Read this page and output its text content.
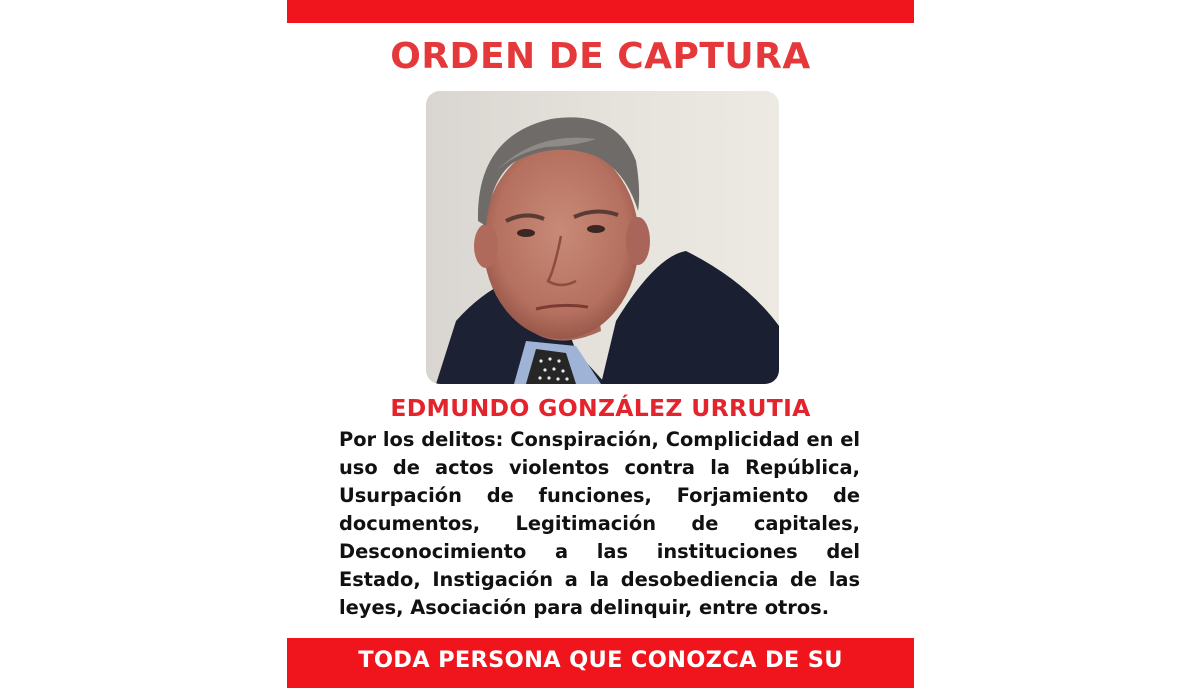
ORDEN DE CAPTURA
EDMUNDO GONZÁLEZ URRUTIA
Por los delitos: Conspiración, Complicidad en el uso de actos violentos contra la República, Usurpación de funciones, Forjamiento de documentos, Legitimación de capitales, Desconocimiento a las instituciones del Estado, Instigación a la desobediencia de las leyes, Asociación para delinquir, entre otros.
TODA PERSONA QUE CONOZCA DE SU
